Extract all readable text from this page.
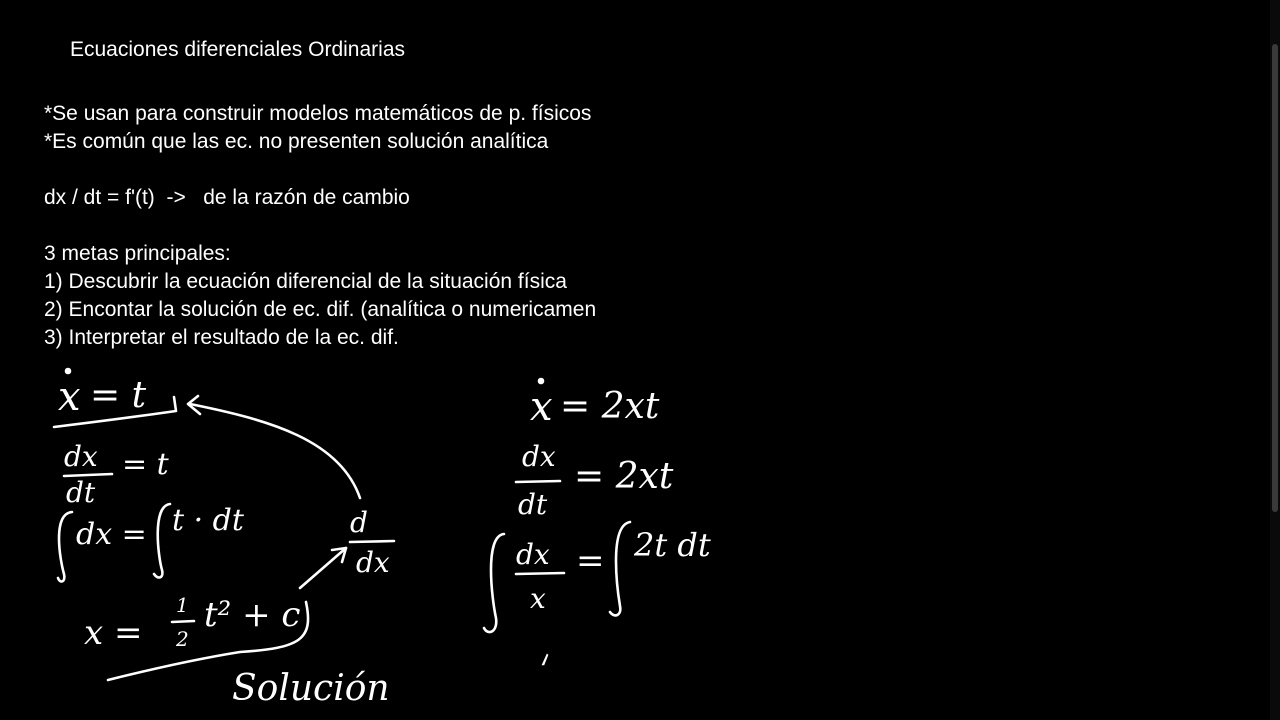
Ecuaciones diferenciales Ordinarias
*Se usan para construir modelos matemáticos de p. físicos
*Es común que las ec. no presenten solución analítica
dx / dt = f'(t)  ->   de la razón de cambio
3 metas principales:
1) Descubrir la ecuación diferencial de la situación física
2) Encontar la solución de ec. dif. (analítica o numericamen
3) Interpretar el resultado de la ec. dif.
x = t
dx
dt
= t
dx = t · dt	d
dx
x =
1
2
t² + c
Solución
x = 2xt
dx
dt
= 2xt
dx
x
= 2t dt
